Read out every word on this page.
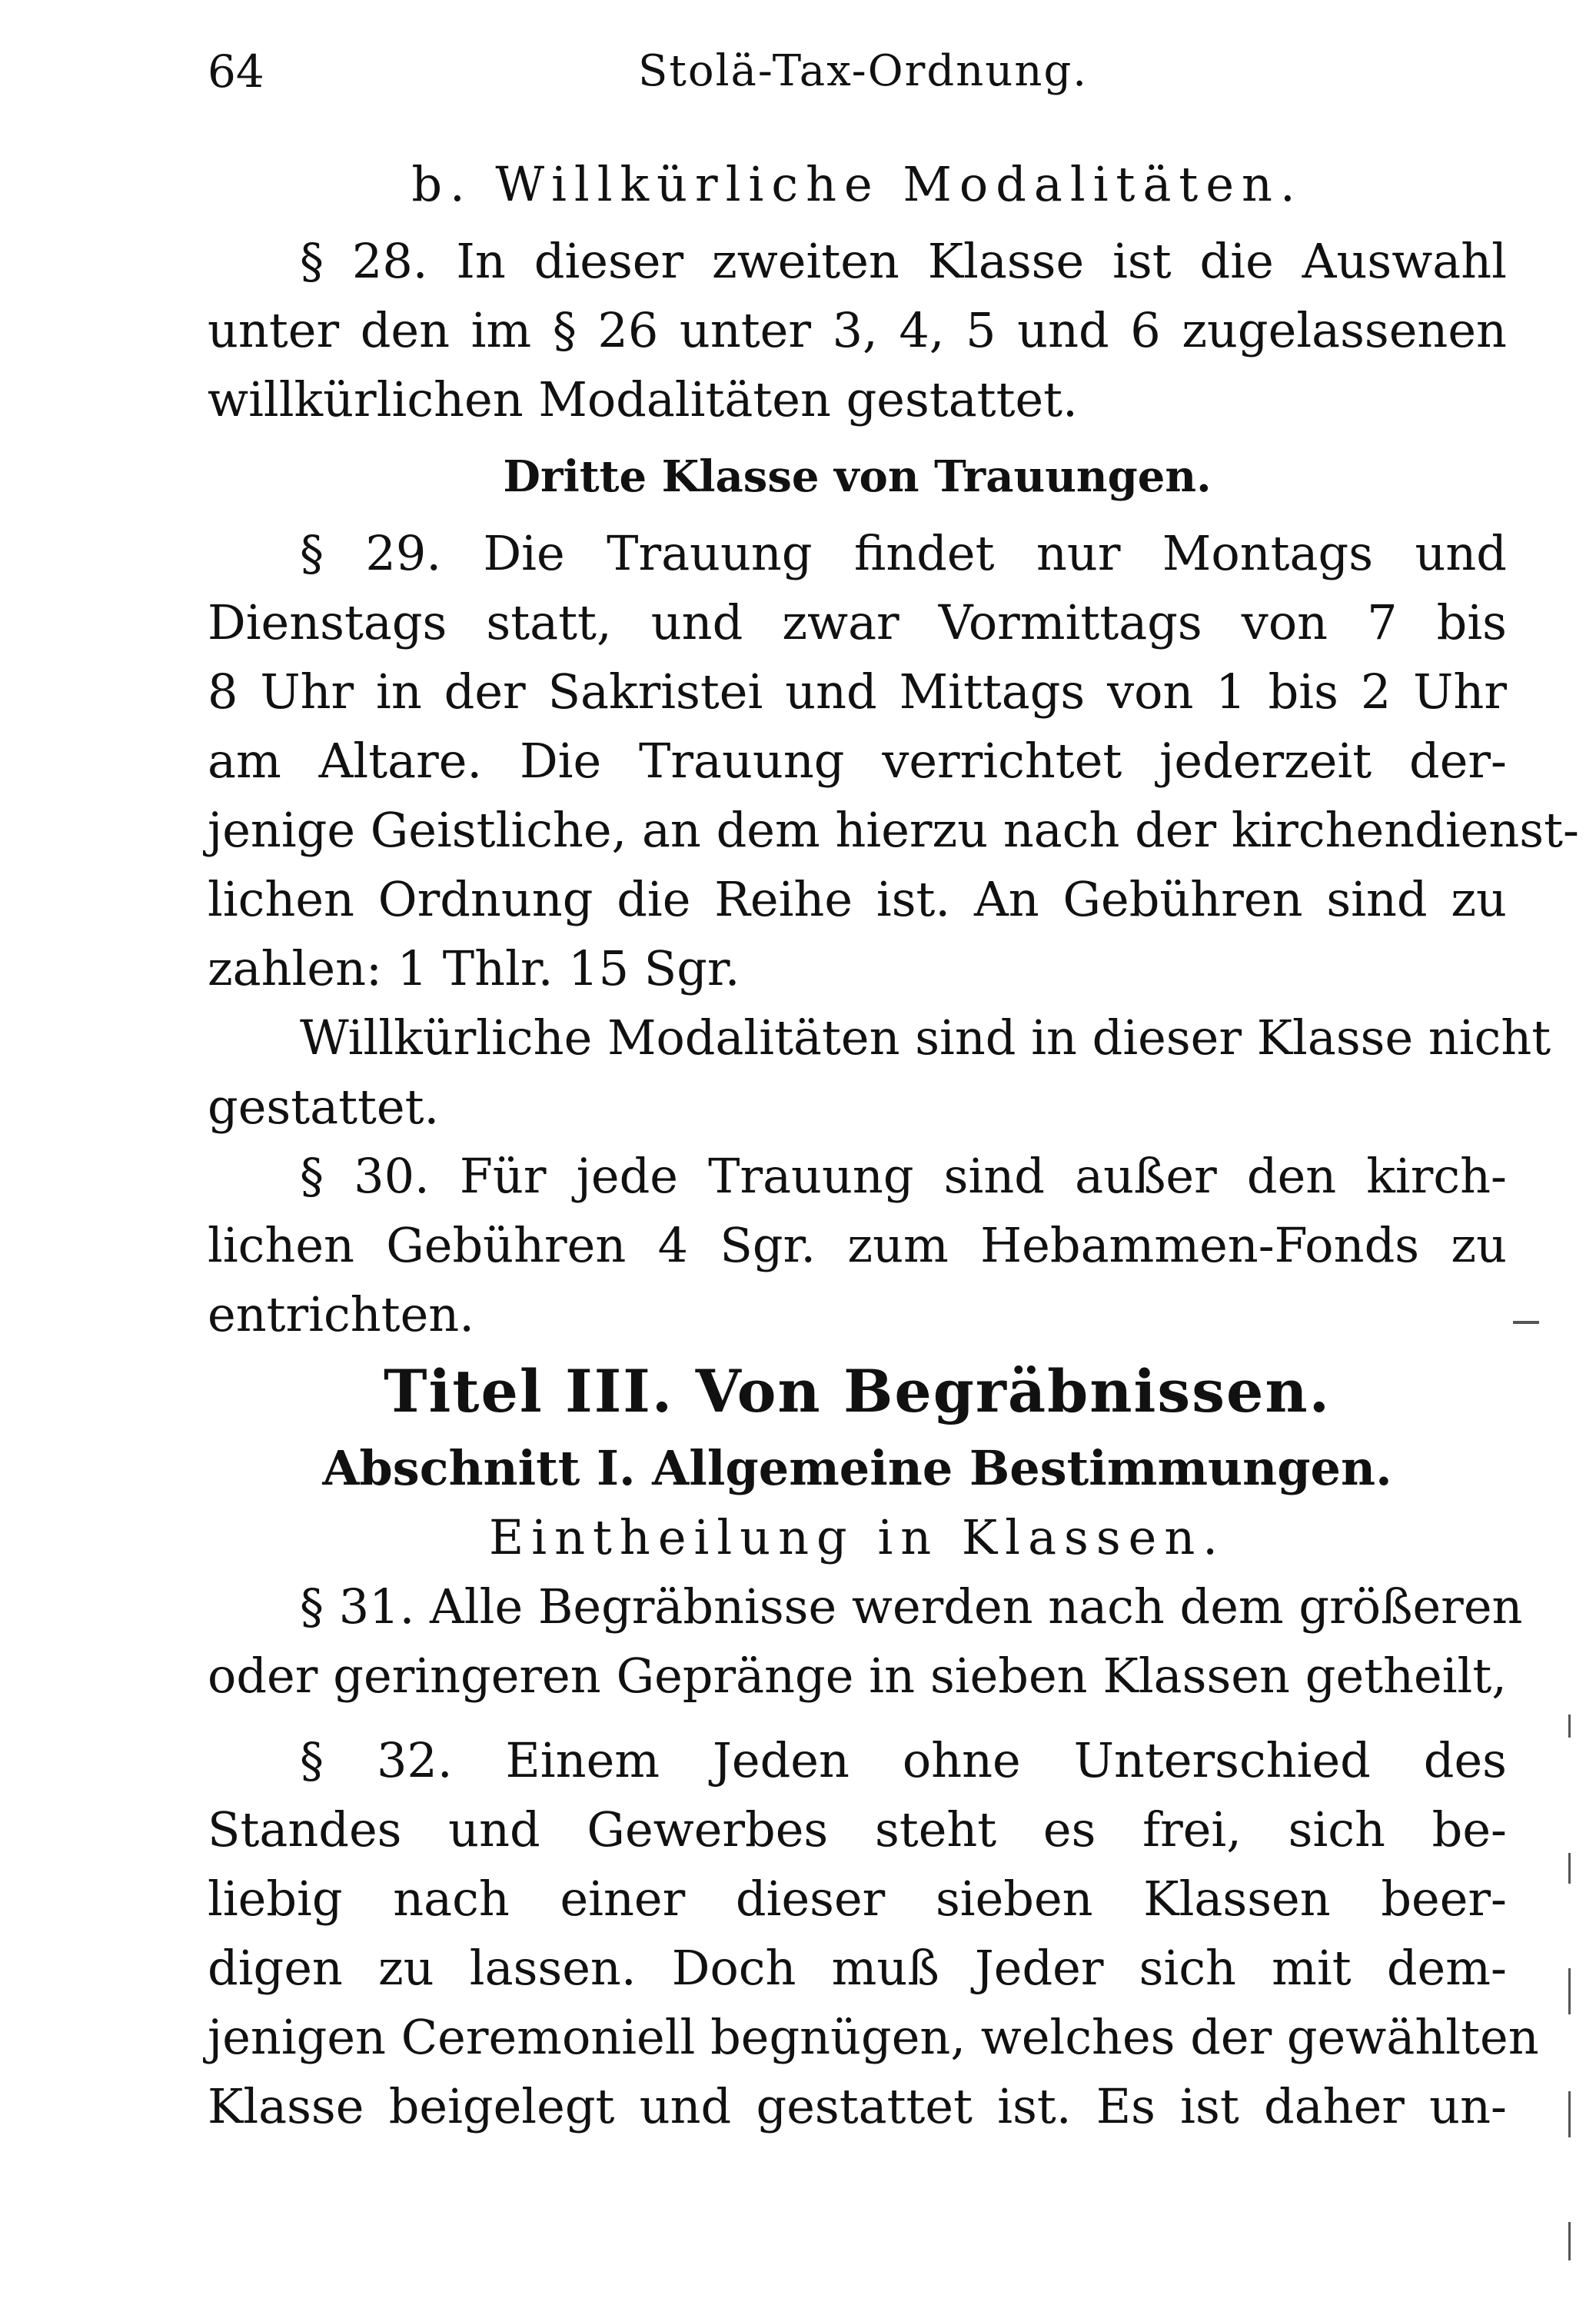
64	Stolä-Tax-Ordnung.
b. Willkürliche Modalitäten.
§ 28. In dieser zweiten Klasse ist die Auswahl
unter den im § 26 unter 3, 4, 5 und 6 zugelassenen
willkürlichen Modalitäten gestattet.
Dritte Klasse von Trauungen.
§ 29. Die Trauung findet nur Montags und
Dienstags statt, und zwar Vormittags von 7 bis
8 Uhr in der Sakristei und Mittags von 1 bis 2 Uhr
am Altare. Die Trauung verrichtet jederzeit der-
jenige Geistliche, an dem hierzu nach der kirchendienst-
lichen Ordnung die Reihe ist. An Gebühren sind zu
zahlen: 1 Thlr. 15 Sgr.
Willkürliche Modalitäten sind in dieser Klasse nicht
gestattet.
§ 30. Für jede Trauung sind außer den kirch-
lichen Gebühren 4 Sgr. zum Hebammen-Fonds zu
entrichten.
Titel III. Von Begräbnissen.
Abschnitt I. Allgemeine Bestimmungen.
Eintheilung in Klassen.
§ 31. Alle Begräbnisse werden nach dem größeren
oder geringeren Gepränge in sieben Klassen getheilt,
§ 32. Einem Jeden ohne Unterschied des
Standes und Gewerbes steht es frei, sich be-
liebig nach einer dieser sieben Klassen beer-
digen zu lassen. Doch muß Jeder sich mit dem-
jenigen Ceremoniell begnügen, welches der gewählten
Klasse beigelegt und gestattet ist. Es ist daher un-
